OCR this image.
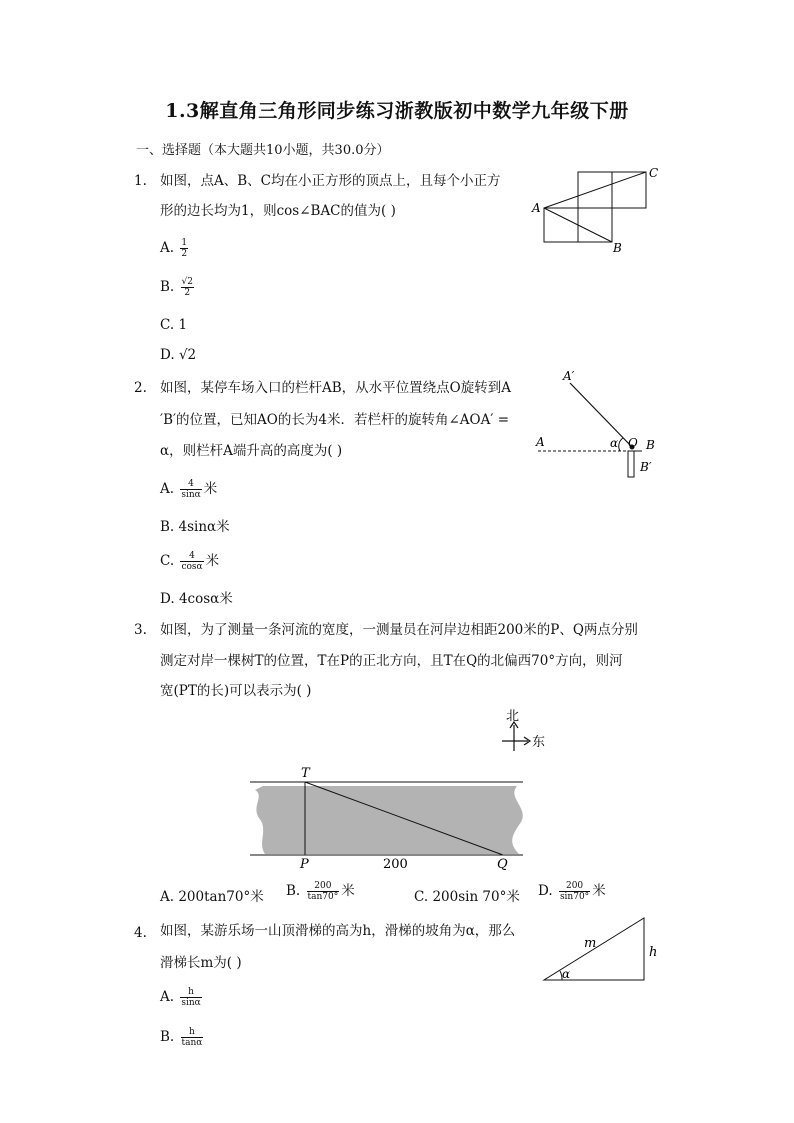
1.3解直角三角形同步练习浙教版初中数学九年级下册
一、选择题（本大题共10小题，共30.0分）
1. 如图，点A、B、C均在小正方形的顶点上，且每个小正方
形的边长均为1，则cos∠BAC的值为( )
A. $\frac{1}{2}$
B. $\frac{√2}{2}$
C. 1
D. √2
A
C
B
2. 如图，某停车场入口的栏杆AB，从水平位置绕点O旋转到A
′B′的位置，已知AO的长为4米．若栏杆的旋转角∠AOA′ =
α，则栏杆A端升高的高度为( )
A. $\frac{4}{\sin\alpha}$ 米
B. 4sinα米
C. $\frac{4}{\cos\alpha}$ 米
D. 4cosα米
A′
A	α O B
B′
3. 如图，为了测量一条河流的宽度，一测量员在河岸边相距200米的P、Q两点分别
测定对岸一棵树T的位置，T在P的正北方向，且T在Q的北偏西70°方向，则河
宽(PT的长)可以表示为( )
北
东
T
P	Q
200
A. 200tan70°米 B. $\frac{200}{\tan 70^\circ}$ 米	C. 200sin 70°米 D. $\frac{200}{\sin 70^\circ}$ 米
4. 如图，某游乐场一山顶滑梯的高为h，滑梯的坡角为α，那么
滑梯长m为( )
A. $\frac{h}{\sin\alpha}$
B. $\frac{h}{\tan\alpha}$
m
h
α
